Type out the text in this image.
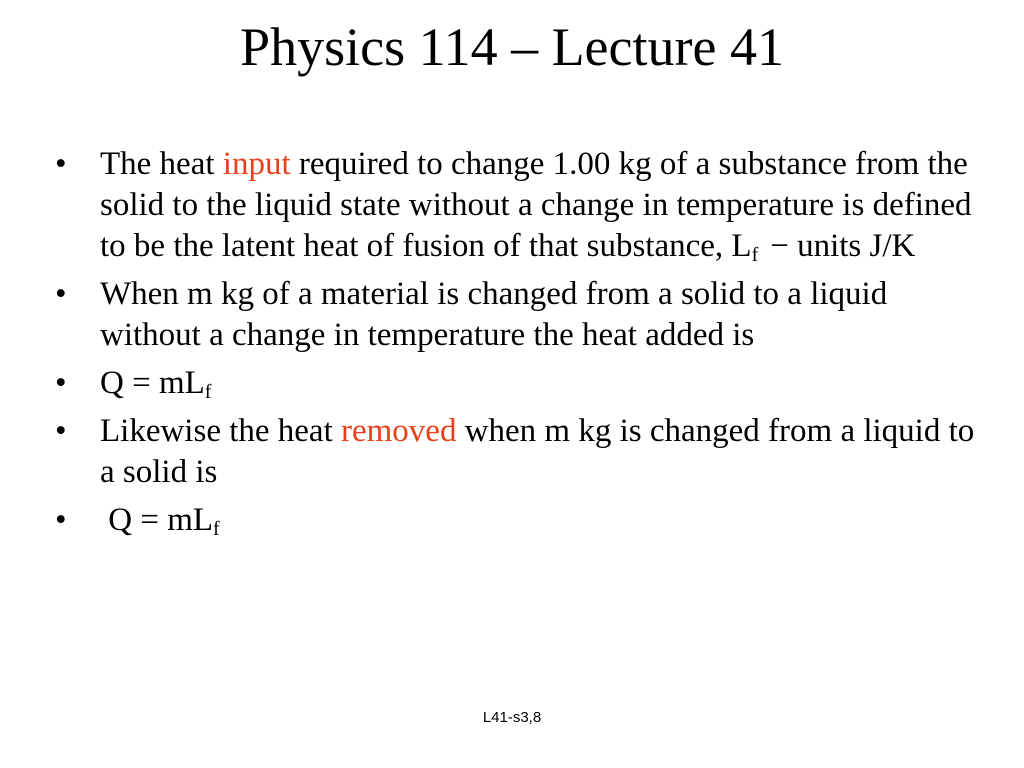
Physics 114 – Lecture 41
•	The heat input required to change 1.00 kg of a substance from the solid to the liquid state without a change in temperature is defined to be the latent heat of fusion of that substance, $L_f$ − units J/K
•	When m kg of a material is changed from a solid to a liquid without a change in temperature the heat added is
•	$Q = mL_f$
•	Likewise the heat removed when m kg is changed from a liquid to a solid is
•	$Q = mL_f$
L41-s3,8
